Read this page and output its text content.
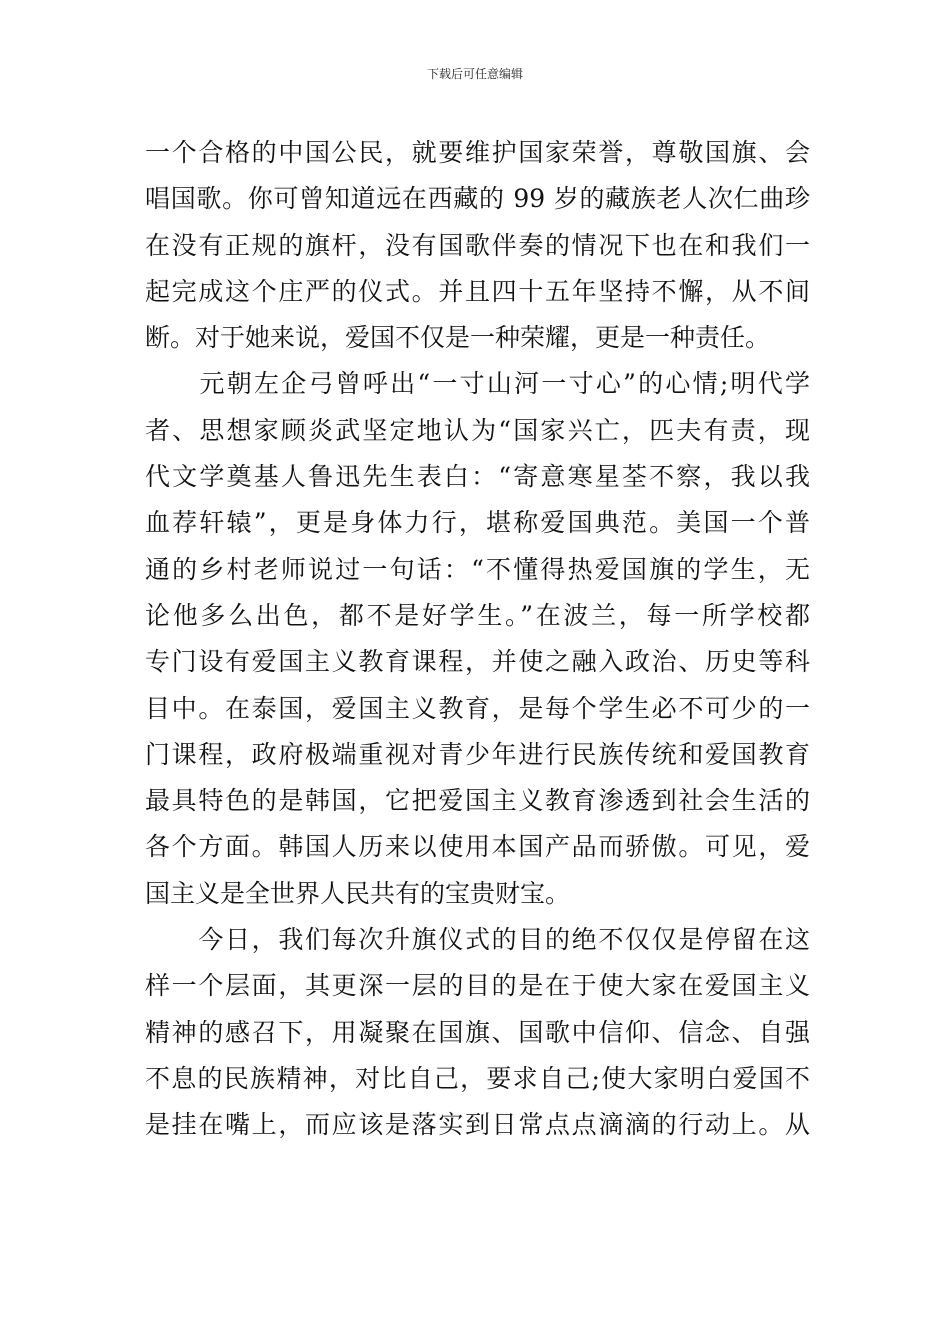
下载后可任意编辑
一个合格的中国公民，就要维护国家荣誉，尊敬国旗、会
唱国歌。你可曾知道远在西藏的 99 岁的藏族老人次仁曲珍
在没有正规的旗杆，没有国歌伴奏的情况下也在和我们一
起完成这个庄严的仪式。并且四十五年坚持不懈，从不间
断。对于她来说，爱国不仅是一种荣耀，更是一种责任。
　　元朝左企弓曾呼出“一寸山河一寸心”的心情;明代学
者、思想家顾炎武坚定地认为“国家兴亡，匹夫有责，现
代文学奠基人鲁迅先生表白：“寄意寒星荃不察，我以我
血荐轩辕”，更是身体力行，堪称爱国典范。美国一个普
通的乡村老师说过一句话：“不懂得热爱国旗的学生，无
论他多么出色，都不是好学生。”在波兰，每一所学校都
专门设有爱国主义教育课程，并使之融入政治、历史等科
目中。在泰国，爱国主义教育，是每个学生必不可少的一
门课程，政府极端重视对青少年进行民族传统和爱国教育
最具特色的是韩国，它把爱国主义教育渗透到社会生活的
各个方面。韩国人历来以使用本国产品而骄傲。可见，爱
国主义是全世界人民共有的宝贵财宝。
　　今日，我们每次升旗仪式的目的绝不仅仅是停留在这
样一个层面，其更深一层的目的是在于使大家在爱国主义
精神的感召下，用凝聚在国旗、国歌中信仰、信念、自强
不息的民族精神，对比自己，要求自己;使大家明白爱国不
是挂在嘴上，而应该是落实到日常点点滴滴的行动上。从
